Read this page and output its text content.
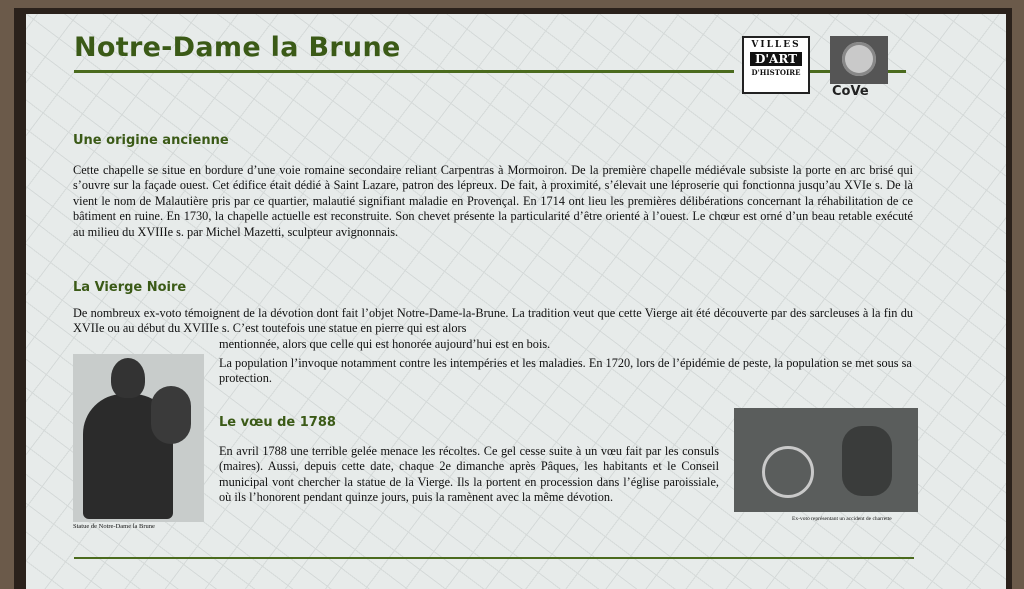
Notre-Dame la Brune	VILLES
D'ART
D'HISTOIRE
CoVe
Une origine ancienne

Cette chapelle se situe en bordure d’une voie romaine secondaire reliant Carpentras à Mormoiron. De la première chapelle médiévale subsiste la porte en arc brisé qui s’ouvre sur la façade ouest. Cet édifice était dédié à Saint Lazare, patron des lépreux. De fait, à proximité, s’élevait une léproserie qui fonctionna jusqu’au XVIe s. De là vient le nom de Malautière pris par ce quartier, malautié signifiant maladie en Provençal. En 1714 ont lieu les premières délibérations concernant la réhabilitation de ce bâtiment en ruine. En 1730, la chapelle actuelle est reconstruite. Son chevet présente la particularité d’être orienté à l’ouest. Le chœur est orné d’un beau retable exécuté au milieu du XVIIIe s. par Michel Mazetti, sculpteur avignonnais.

La Vierge Noire

De nombreux ex-voto témoignent de la dévotion dont fait l’objet Notre-Dame-la-Brune. La tradition veut que cette Vierge ait été découverte par des sarcleuses à la fin du XVIIe ou au début du XVIIIe s. C’est toutefois une statue en pierre qui est alors
mentionnée, alors que celle qui est honorée aujourd’hui est en bois.

La population l’invoque notamment contre les intempéries et les maladies. En 1720, lors de l’épidémie de peste, la population se met sous sa protection.

Statue de Notre-Dame la Brune
Le vœu de 1788

En avril 1788 une terrible gelée menace les récoltes. Ce gel cesse suite à un vœu fait par les consuls (maires). Aussi, depuis cette date, chaque 2e dimanche après Pâques, les habitants et le Conseil municipal vont chercher la statue de la Vierge. Ils la portent en procession dans l’église paroissiale, où ils l’honorent pendant quinze jours, puis la ramènent avec la même dévotion.

Ex-voto représentant un accident de charrette
